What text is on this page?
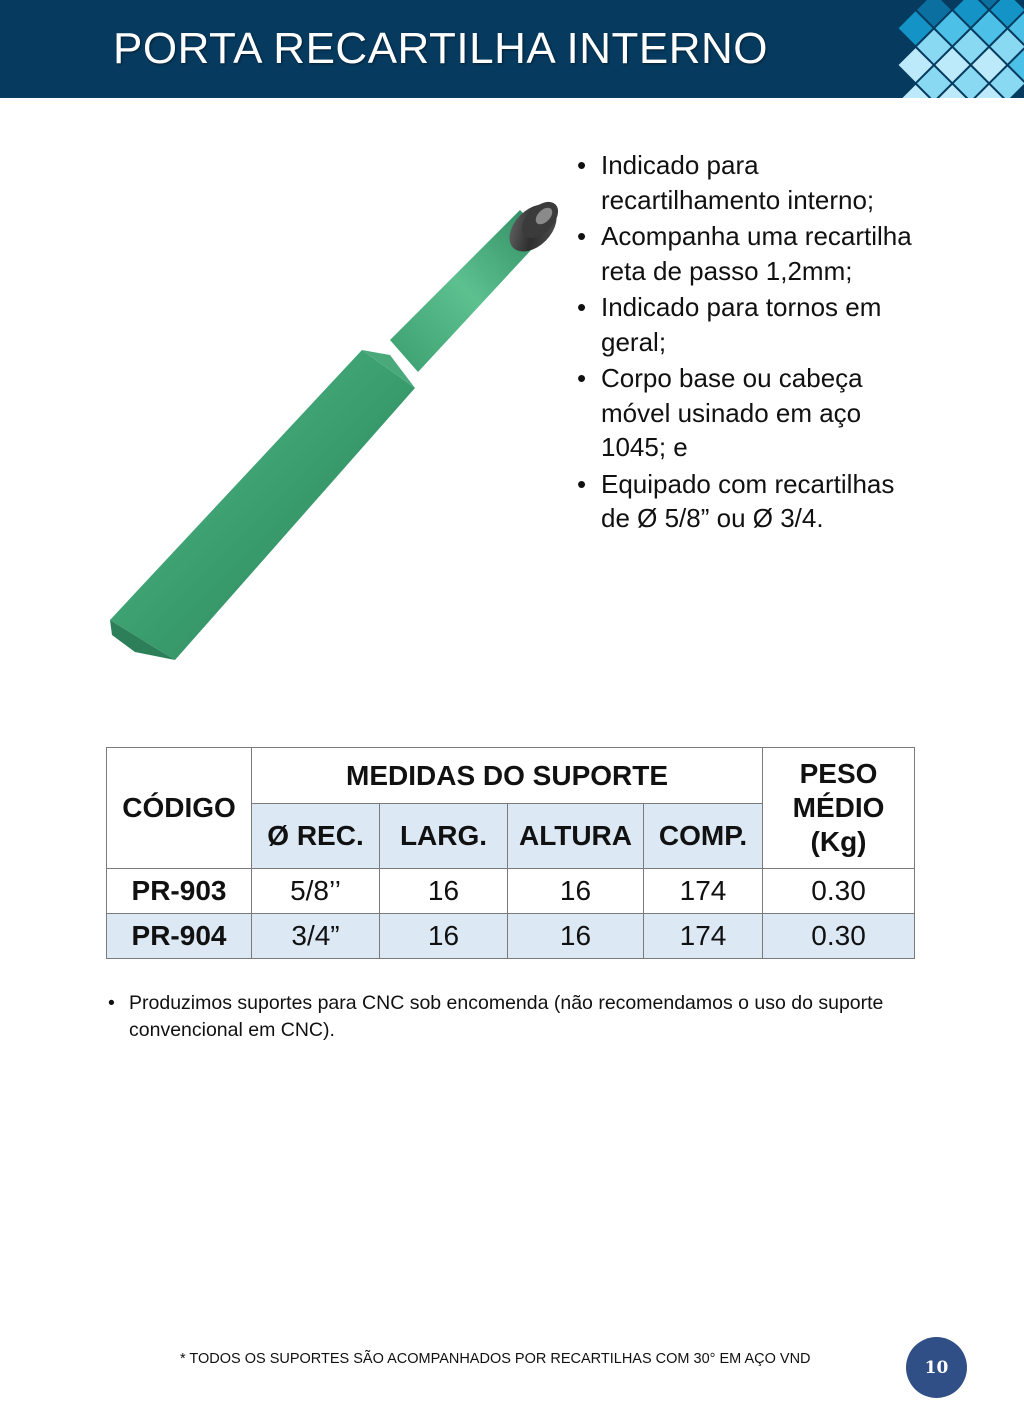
PORTA RECARTILHA INTERNO
• Indicado para recartilhamento interno;
• Acompanha uma recartilha reta de passo 1,2mm;
• Indicado para tornos em geral;
• Corpo base ou cabeça móvel usinado em aço 1045; e
• Equipado com recartilhas de Ø 5/8” ou Ø 3/4.
CÓDIGO	MEDIDAS DO SUPORTE				PESO MÉDIO (Kg)
	Ø REC.	LARG.	ALTURA	COMP.	
PR-903	5/8’’	16	16	174	0.30
PR-904	3/4”	16	16	174	0.30
• Produzimos suportes para CNC sob encomenda (não recomendamos o uso do suporte convencional em CNC).
* TODOS OS SUPORTES SÃO ACOMPANHADOS POR RECARTILHAS COM 30° EM AÇO VND	10
